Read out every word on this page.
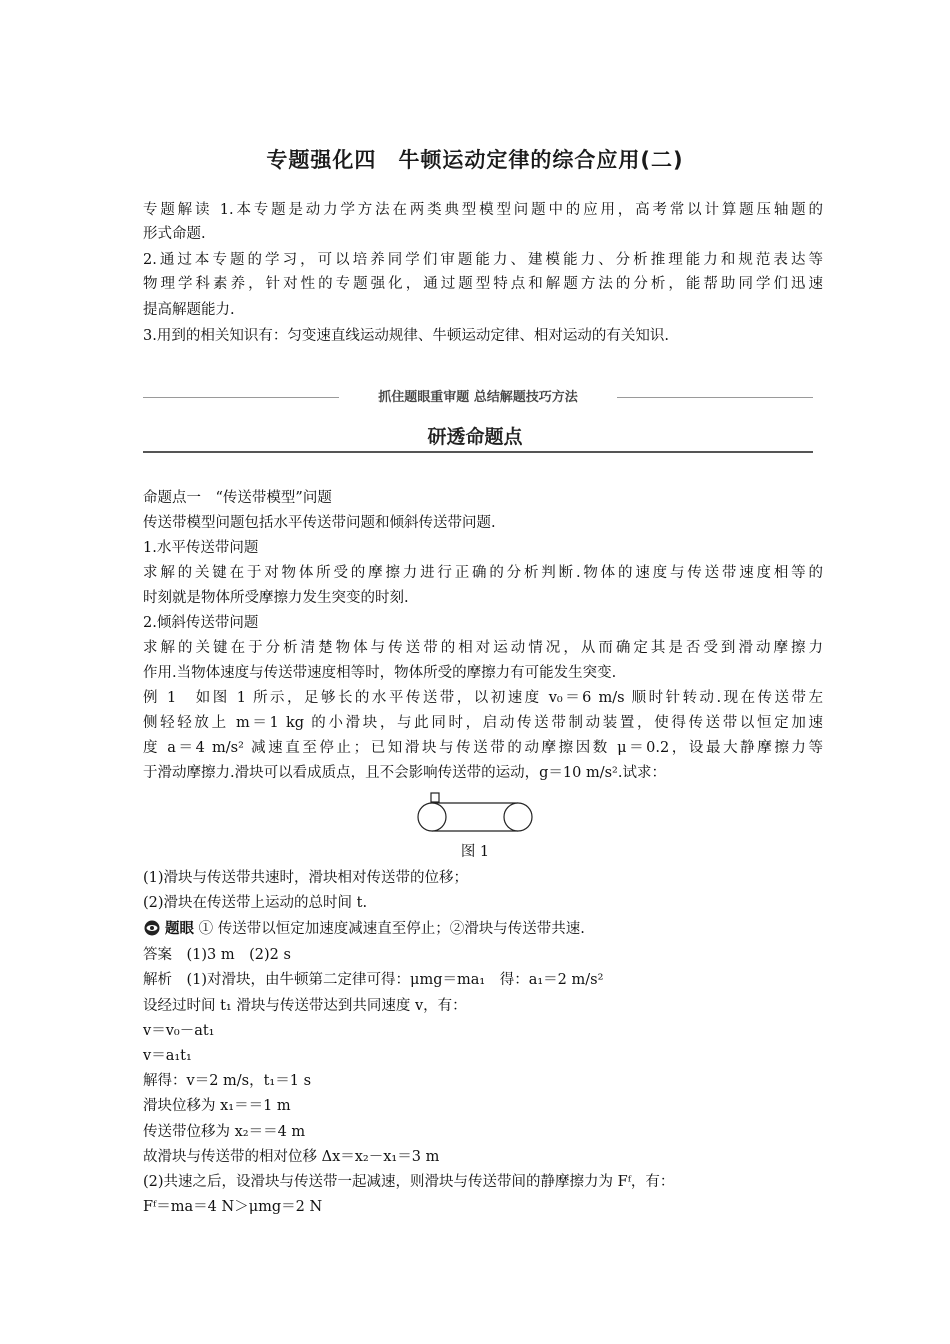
专题强化四　牛顿运动定律的综合应用(二)
专题解读 1.本专题是动力学方法在两类典型模型问题中的应用，高考常以计算题压轴题的
形式命题.
2.通过本专题的学习，可以培养同学们审题能力、建模能力、分析推理能力和规范表达等
物理学科素养，针对性的专题强化，通过题型特点和解题方法的分析，能帮助同学们迅速
提高解题能力.
3.用到的相关知识有：匀变速直线运动规律、牛顿运动定律、相对运动的有关知识.
抓住题眼重审题 总结解题技巧方法
研透命题点
命题点一　“传送带模型”问题
传送带模型问题包括水平传送带问题和倾斜传送带问题.
1.水平传送带问题
求解的关键在于对物体所受的摩擦力进行正确的分析判断.物体的速度与传送带速度相等的
时刻就是物体所受摩擦力发生突变的时刻.
2.倾斜传送带问题
求解的关键在于分析清楚物体与传送带的相对运动情况，从而确定其是否受到滑动摩擦力
作用.当物体速度与传送带速度相等时，物体所受的摩擦力有可能发生突变.
例 1　如图 1 所示，足够长的水平传送带，以初速度 v₀＝6 m/s 顺时针转动.现在传送带左
侧轻轻放上 m＝1 kg 的小滑块，与此同时，启动传送带制动装置，使得传送带以恒定加速
度 a＝4 m/s² 减速直至停止；已知滑块与传送带的动摩擦因数 μ＝0.2，设最大静摩擦力等
于滑动摩擦力.滑块可以看成质点，且不会影响传送带的运动，g＝10 m/s².试求：
图 1
(1)滑块与传送带共速时，滑块相对传送带的位移；
(2)滑块在传送带上运动的总时间 t.
题眼 ① 传送带以恒定加速度减速直至停止；②滑块与传送带共速.
答案　(1)3 m　(2)2 s
解析　(1)对滑块，由牛顿第二定律可得：μmg＝ma₁　得：a₁＝2 m/s²
设经过时间 t₁ 滑块与传送带达到共同速度 v，有：
v＝v₀－at₁
v＝a₁t₁
解得：v＝2 m/s，t₁＝1 s
滑块位移为 x₁＝＝1 m
传送带位移为 x₂＝＝4 m
故滑块与传送带的相对位移 Δx＝x₂－x₁＝3 m
(2)共速之后，设滑块与传送带一起减速，则滑块与传送带间的静摩擦力为 Fᶠ，有：
Fᶠ＝ma＝4 N＞μmg＝2 N
